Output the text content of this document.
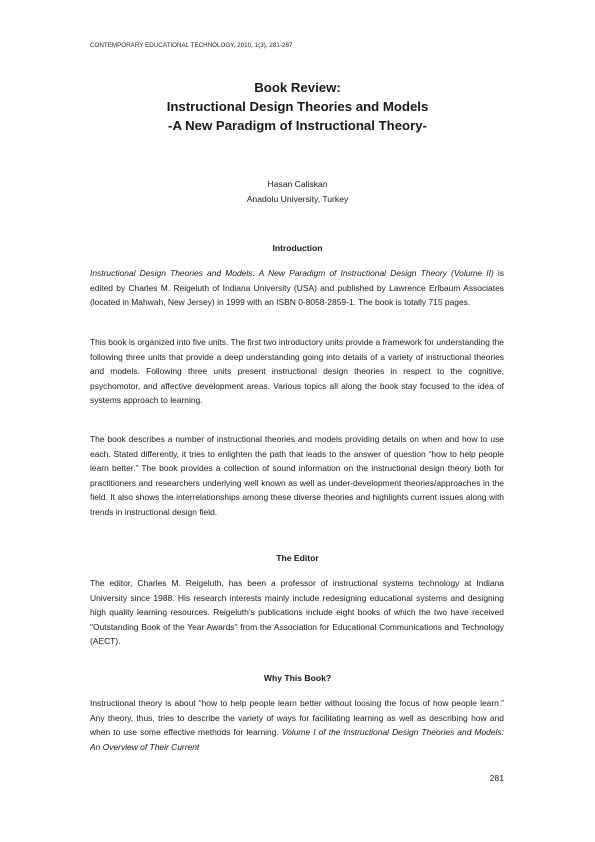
CONTEMPORARY EDUCATIONAL TECHNOLOGY, 2010, 1(3), 281-287
Book Review:
Instructional Design Theories and Models
-A New Paradigm of Instructional Theory-
Hasan Caliskan
Anadolu University, Turkey
Introduction

Instructional Design Theories and Models: A New Paradigm of Instructional Design Theory (Volume II) is edited by Charles M. Reigeluth of Indiana University (USA) and published by Lawrence Erlbaum Associates (located in Mahwah, New Jersey) in 1999 with an ISBN 0-8058-2859-1. The book is totally 715 pages.

This book is organized into five units. The first two introductory units provide a framework for understanding the following three units that provide a deep understanding going into details of a variety of instructional theories and models. Following three units present instructional design theories in respect to the cognitive, psychomotor, and affective development areas. Various topics all along the book stay focused to the idea of systems approach to learning.

The book describes a number of instructional theories and models providing details on when and how to use each. Stated differently, it tries to enlighten the path that leads to the answer of question “how to help people learn better.” The book provides a collection of sound information on the instructional design theory both for practitioners and researchers underlying well known as well as under-development theories/approaches in the field. It also shows the interrelationships among these diverse theories and highlights current issues along with trends in instructional design field.

The Editor

The editor, Charles M. Reigeluth, has been a professor of instructional systems technology at Indiana University since 1988. His research interests mainly include redesigning educational systems and designing high quality learning resources. Reigeluth’s publications include eight books of which the two have received "Outstanding Book of the Year Awards" from the Association for Educational Communications and Technology (AECT).

Why This Book?

Instructional theory is about “how to help people learn better without loosing the focus of how people learn.” Any theory, thus, tries to describe the variety of ways for facilitating learning as well as describing how and when to use some effective methods for learning. Volume I of the Instructional Design Theories and Models: An Overview of Their Current

281
